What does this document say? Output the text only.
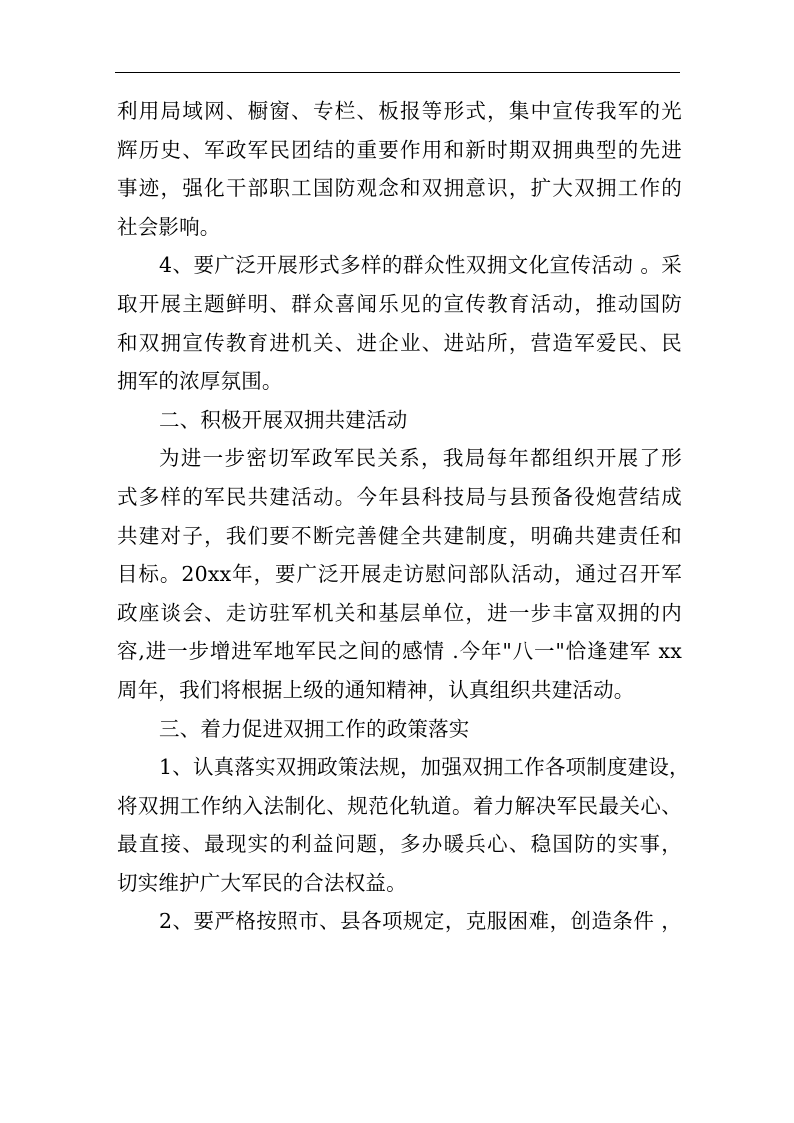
利用局域网、橱窗、专栏、板报等形式，集中宣传我军的光
辉历史、军政军民团结的重要作用和新时期双拥典型的先进
事迹，强化干部职工国防观念和双拥意识，扩大双拥工作的
社会影响。
4、要广泛开展形式多样的群众性双拥文化宣传活动 。采
取开展主题鲜明、群众喜闻乐见的宣传教育活动，推动国防
和双拥宣传教育进机关、进企业、进站所，营造军爱民、民
拥军的浓厚氛围。
二、积极开展双拥共建活动
为进一步密切军政军民关系，我局每年都组织开展了形
式多样的军民共建活动。今年县科技局与县预备役炮营结成
共建对子，我们要不断完善健全共建制度，明确共建责任和
目标。20xx年，要广泛开展走访慰问部队活动，通过召开军
政座谈会、走访驻军机关和基层单位，进一步丰富双拥的内
容,进一步增进军地军民之间的感情 .今年"八一"恰逢建军 xx
周年，我们将根据上级的通知精神，认真组织共建活动。
三、着力促进双拥工作的政策落实
1、认真落实双拥政策法规，加强双拥工作各项制度建设，
将双拥工作纳入法制化、规范化轨道。着力解决军民最关心、
最直接、最现实的利益问题，多办暖兵心、稳国防的实事，
切实维护广大军民的合法权益。
2、要严格按照市、县各项规定，克服困难，创造条件 ，
